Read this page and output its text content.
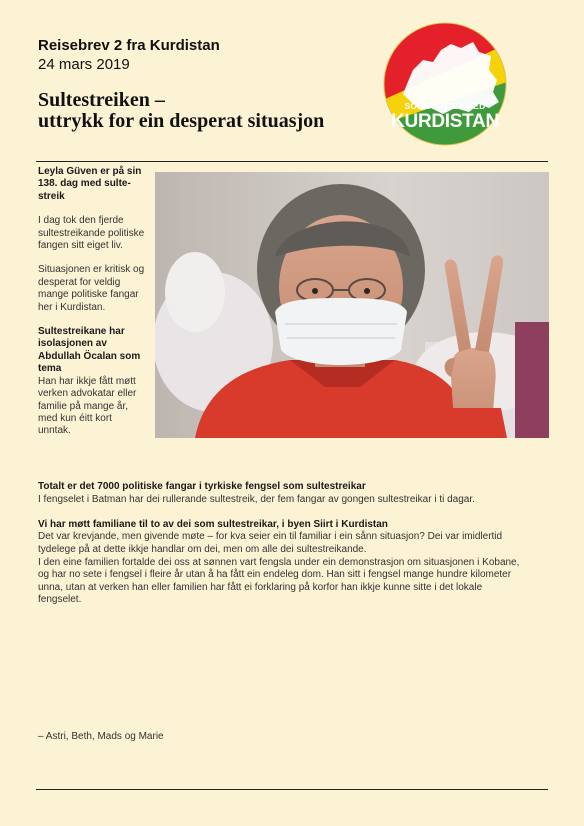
Reisebrev 2 fra Kurdistan
24 mars 2019
Sultestreiken –
uttrykk for ein desperat situasjon
SOLIDARITET MED
KURDISTAN

Leyla Güven er på sin
138. dag med sulte-
streik

I dag tok den fjerde
sultestreikande politiske
fangen sitt eiget liv.

Situasjonen er kritisk og
desperat for veldig
mange politiske fangar
her i Kurdistan.

Sultestreikane har
isolasjonen av
Abdullah Öcalan som
tema

Han har ikkje fått møtt
verken advokatar eller
familie på mange år,
med kun éitt kort
unntak.

Totalt er det 7000 politiske fangar i tyrkiske fengsel som sultestreikar

I fengselet i Batman har dei rullerande sultestreik, der fem fangar av gongen sultestreikar i ti dagar.

Vi har møtt familiane til to av dei som sultestreikar, i byen Siirt i Kurdistan

Det var krevjande, men givende møte – for kva seier ein til familiar i ein sånn situasjon? Dei var imidlertid
tydelege på at dette ikkje handlar om dei, men om alle dei sultestreikande.
I den eine familien fortalde dei oss at sønnen vart fengsla under ein demonstrasjon om situasjonen i Kobane,
og har no sete i fengsel i fleire år utan å ha fått ein endeleg dom. Han sitt i fengsel mange hundre kilometer
unna, utan at verken han eller familien har fått ei forklaring på korfor han ikkje kunne sitte i det lokale
fengselet.

– Astri, Beth, Mads og Marie
